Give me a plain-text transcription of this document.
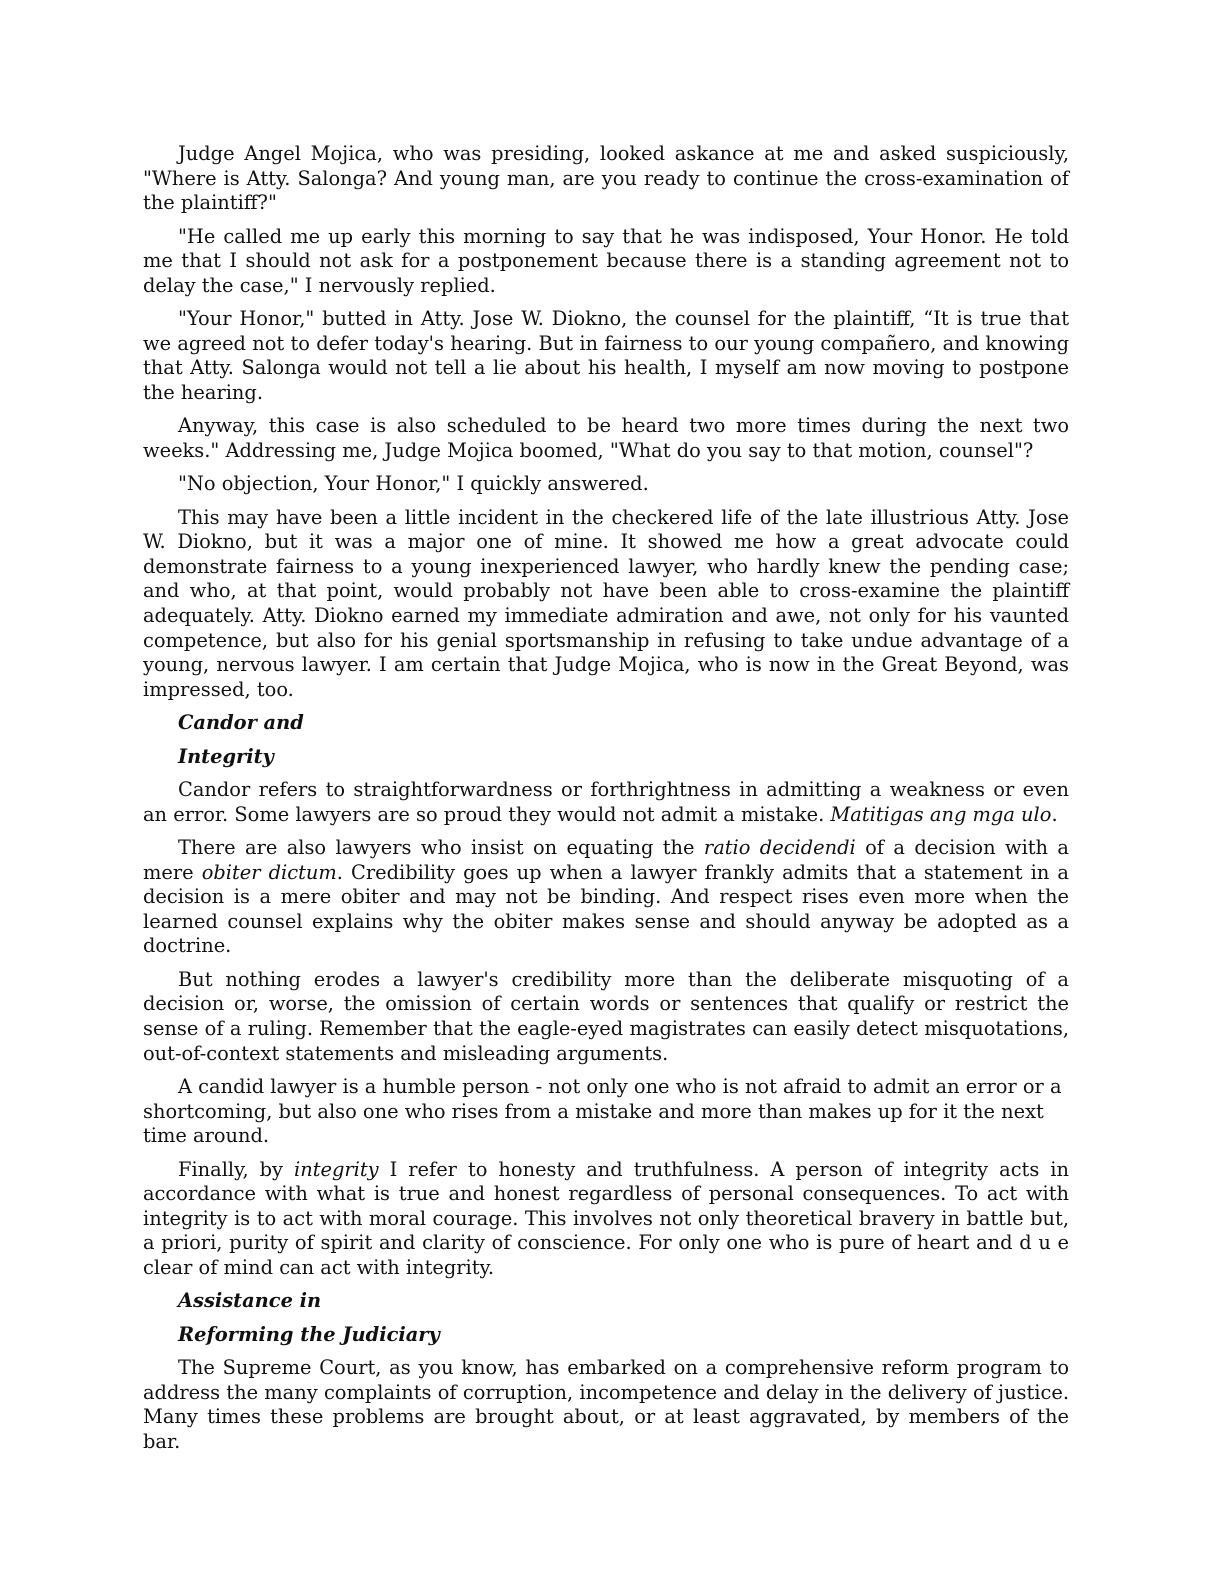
Judge Angel Mojica, who was presiding, looked askance at me and asked suspiciously, "Where is Atty. Salonga? And young man, are you ready to continue the cross-examination of the plaintiff?"

"He called me up early this morning to say that he was indisposed, Your Honor. He told me that I should not ask for a postponement because there is a standing agreement not to delay the case," I nervously replied.

"Your Honor," butted in Atty. Jose W. Diokno, the counsel for the plaintiff, “It is true that we agreed not to defer today's hearing. But in fairness to our young compañero, and knowing that Atty. Salonga would not tell a lie about his health, I myself am now moving to postpone the hearing.

Anyway, this case is also scheduled to be heard two more times during the next two weeks." Addressing me, Judge Mojica boomed, "What do you say to that motion, counsel"?

"No objection, Your Honor," I quickly answered.

This may have been a little incident in the checkered life of the late illustrious Atty. Jose W. Diokno, but it was a major one of mine. It showed me how a great advocate could demonstrate fairness to a young inexperienced lawyer, who hardly knew the pending case; and who, at that point, would probably not have been able to cross-examine the plaintiff adequately. Atty. Diokno earned my immediate admiration and awe, not only for his vaunted competence, but also for his genial sportsmanship in refusing to take undue advantage of a young, nervous lawyer. I am certain that Judge Mojica, who is now in the Great Beyond, was impressed, too.

Candor and
Integrity

Candor refers to straightforwardness or forthrightness in admitting a weakness or even an error. Some lawyers are so proud they would not admit a mistake. Matitigas ang mga ulo.

There are also lawyers who insist on equating the ratio decidendi of a decision with a mere obiter dictum. Credibility goes up when a lawyer frankly admits that a statement in a decision is a mere obiter and may not be binding. And respect rises even more when the learned counsel explains why the obiter makes sense and should anyway be adopted as a doctrine.

But nothing erodes a lawyer's credibility more than the deliberate misquoting of a decision or, worse, the omission of certain words or sentences that qualify or restrict the sense of a ruling. Remember that the eagle-eyed magistrates can easily detect misquotations, out-of-context statements and misleading arguments.

A candid lawyer is a humble person - not only one who is not afraid to admit an error or a shortcoming, but also one who rises from a mistake and more than makes up for it the next time around.

Finally, by integrity I refer to honesty and truthfulness. A person of integrity acts in accordance with what is true and honest regardless of personal consequences. To act with integrity is to act with moral courage. This involves not only theoretical bravery in battle but, a priori, purity of spirit and clarity of conscience. For only one who is pure of heart and d u e clear of mind can act with integrity.

Assistance in
Reforming the Judiciary

The Supreme Court, as you know, has embarked on a comprehensive reform program to address the many complaints of corruption, incompetence and delay in the delivery of justice. Many times these problems are brought about, or at least aggravated, by members of the bar.
